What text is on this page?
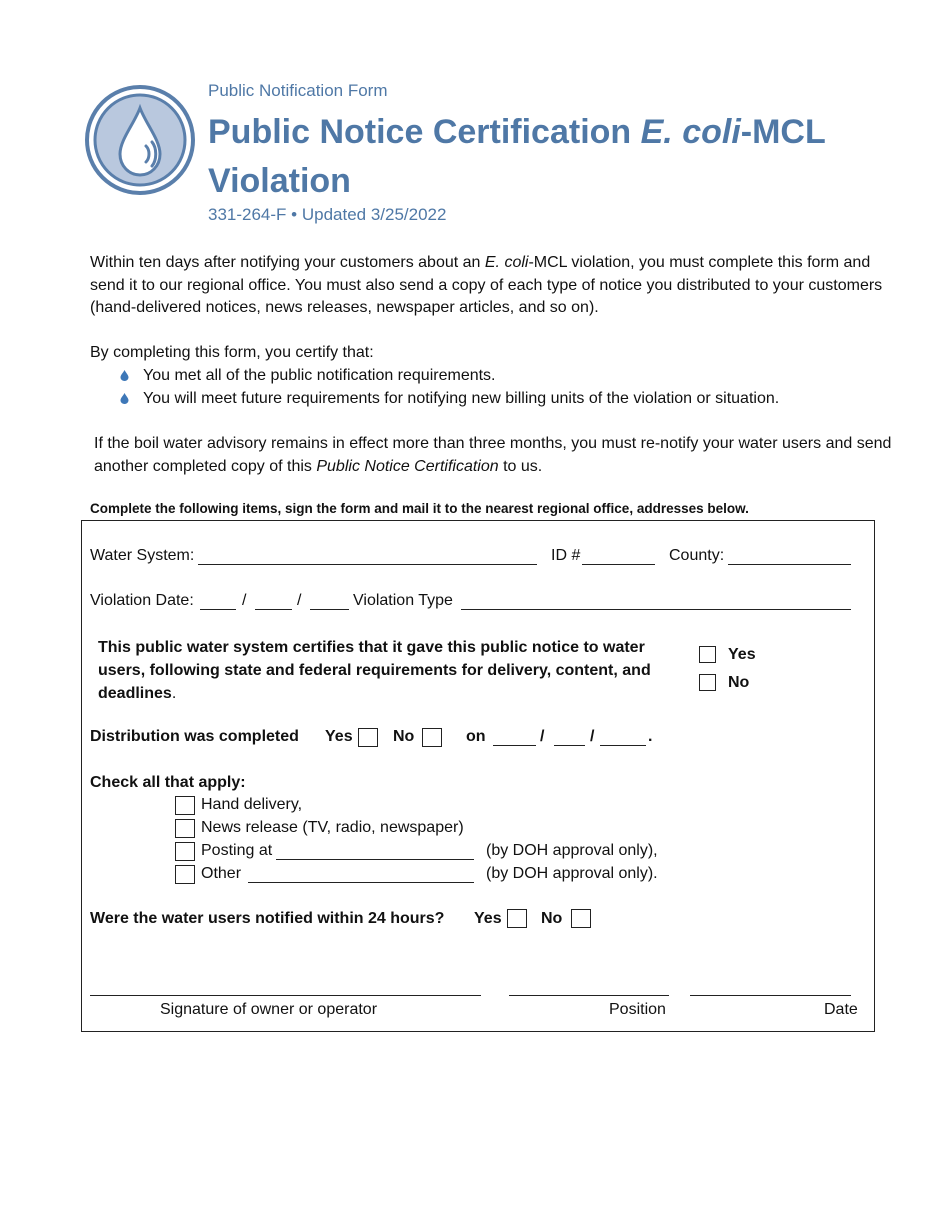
Public Notification Form
Public Notice Certification E. coli-MCL
Violation
331-264-F • Updated 3/25/2022
Within ten days after notifying your customers about an E. coli-MCL violation, you must complete this form and send it to our regional office. You must also send a copy of each type of notice you distributed to your customers (hand-delivered notices, news releases, newspaper articles, and so on).
By completing this form, you certify that:
You met all of the public notification requirements.
You will meet future requirements for notifying new billing units of the violation or situation.
If the boil water advisory remains in effect more than three months, you must re-notify your water users and send another completed copy of this Public Notice Certification to us.
Complete the following items, sign the form and mail it to the nearest regional office, addresses below.
Water System:	ID #	County:
Violation Date:	/	/	Violation Type
This public water system certifies that it gave this public notice to water users, following state and federal requirements for delivery, content, and deadlines.
Yes
No
Distribution was completed Yes	No	on	/	/	.
Check all that apply:
Hand delivery,
News release (TV, radio, newspaper)
Posting at	(by DOH approval only),
Other	(by DOH approval only).
Were the water users notified within 24 hours? Yes No
Signature of owner or operator	Position	Date
